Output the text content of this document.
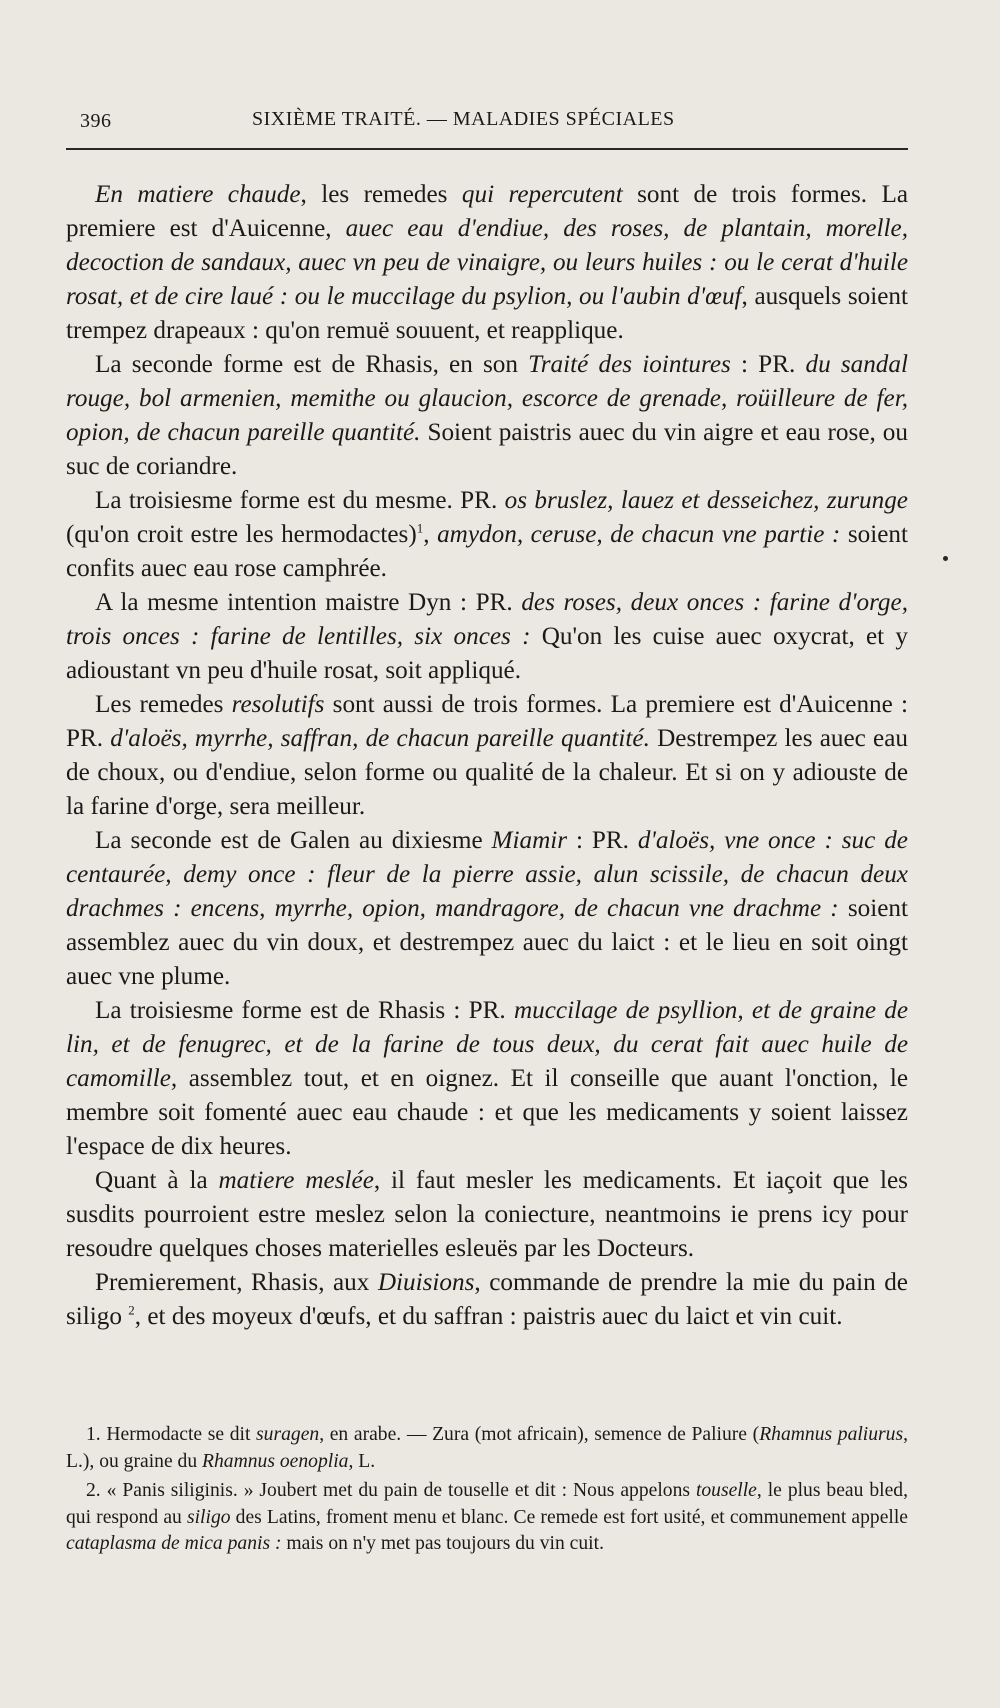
396	SIXIÈME TRAITÉ. — MALADIES SPÉCIALES

En matiere chaude, les remedes qui repercutent sont de trois formes. La premiere est d'Auicenne, auec eau d'endiue, des roses, de plantain, morelle, decoction de sandaux, auec vn peu de vinaigre, ou leurs huiles : ou le cerat d'huile rosat, et de cire laué : ou le muccilage du psylion, ou l'aubin d'œuf, ausquels soient trempez drapeaux : qu'on remuë souuent, et reapplique.

La seconde forme est de Rhasis, en son Traité des iointures : PR. du sandal rouge, bol armenien, memithe ou glaucion, escorce de grenade, roüilleure de fer, opion, de chacun pareille quantité. Soient paistris auec du vin aigre et eau rose, ou suc de coriandre.

La troisiesme forme est du mesme. PR. os bruslez, lauez et desseichez, zurunge (qu'on croit estre les hermodactes)$^1$, amydon, ceruse, de chacun vne partie : soient confits auec eau rose camphrée.

A la mesme intention maistre Dyn : PR. des roses, deux onces : farine d'orge, trois onces : farine de lentilles, six onces : Qu'on les cuise auec oxycrat, et y adioustant vn peu d'huile rosat, soit appliqué.

Les remedes resolutifs sont aussi de trois formes. La premiere est d'Auicenne : PR. d'aloës, myrrhe, saffran, de chacun pareille quantité. Destrempez les auec eau de choux, ou d'endiue, selon forme ou qualité de la chaleur. Et si on y adiouste de la farine d'orge, sera meilleur.

La seconde est de Galen au dixiesme Miamir : PR. d'aloës, vne once : suc de centaurée, demy once : fleur de la pierre assie, alun scissile, de chacun deux drachmes : encens, myrrhe, opion, mandragore, de chacun vne drachme : soient assemblez auec du vin doux, et destrempez auec du laict : et le lieu en soit oingt auec vne plume.

La troisiesme forme est de Rhasis : PR. muccilage de psyllion, et de graine de lin, et de fenugrec, et de la farine de tous deux, du cerat fait auec huile de camomille, assemblez tout, et en oignez. Et il conseille que auant l'onction, le membre soit fomenté auec eau chaude : et que les medicaments y soient laissez l'espace de dix heures.

Quant à la matiere meslée, il faut mesler les medicaments. Et iaçoit que les susdits pourroient estre meslez selon la coniecture, neantmoins ie prens icy pour resoudre quelques choses materielles esleuës par les Docteurs.

Premierement, Rhasis, aux Diuisions, commande de prendre la mie du pain de siligo $^2$, et des moyeux d'œufs, et du saffran : paistris auec du laict et vin cuit.

1. Hermodacte se dit suragen, en arabe. — Zura (mot africain), semence de Paliure (Rhamnus paliurus, L.), ou graine du Rhamnus oenoplia, L.

2. « Panis siliginis. » Joubert met du pain de touselle et dit : Nous appelons touselle, le plus beau bled, qui respond au siligo des Latins, froment menu et blanc. Ce remede est fort usité, et communement appelle cataplasma de mica panis : mais on n'y met pas toujours du vin cuit.
